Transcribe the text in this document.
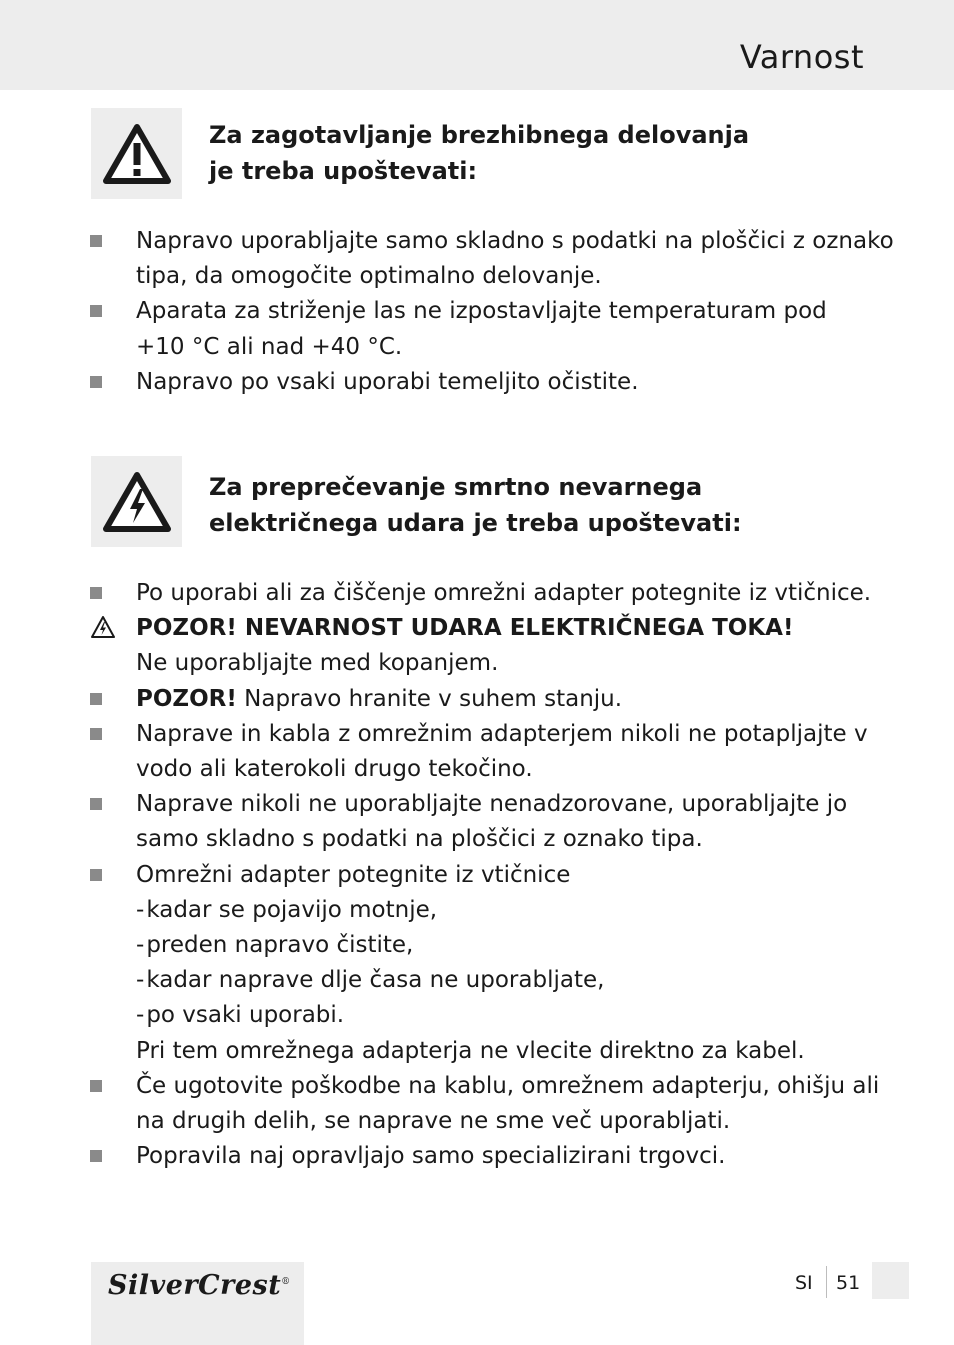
Varnost
Za zagotavljanje brezhibnega delovanja
je treba upoštevati:
Napravo uporabljajte samo skladno s podatki na ploščici z oznako
tipa, da omogočite optimalno delovanje.
Aparata za striženje las ne izpostavljajte temperaturam pod
+10 °C ali nad +40 °C.
Napravo po vsaki uporabi temeljito očistite.
Za preprečevanje smrtno nevarnega
električnega udara je treba upoštevati:
Po uporabi ali za čiščenje omrežni adapter potegnite iz vtičnice.
POZOR! NEVARNOST UDARA ELEKTRIČNEGA TOKA!
Ne uporabljajte med kopanjem.
POZOR! Napravo hranite v suhem stanju.
Naprave in kabla z omrežnim adapterjem nikoli ne potapljajte v
vodo ali katerokoli drugo tekočino.
Naprave nikoli ne uporabljajte nenadzorovane, uporabljajte jo
samo skladno s podatki na ploščici z oznako tipa.
Omrežni adapter potegnite iz vtičnice
-kadar se pojavijo motnje,
-preden napravo čistite,
-kadar naprave dlje časa ne uporabljate,
-po vsaki uporabi.
Pri tem omrežnega adapterja ne vlecite direktno za kabel.
Če ugotovite poškodbe na kablu, omrežnem adapterju, ohišju ali
na drugih delih, se naprave ne sme več uporabljati.
Popravila naj opravljajo samo specializirani trgovci.
SilverCrest®	SI 51
